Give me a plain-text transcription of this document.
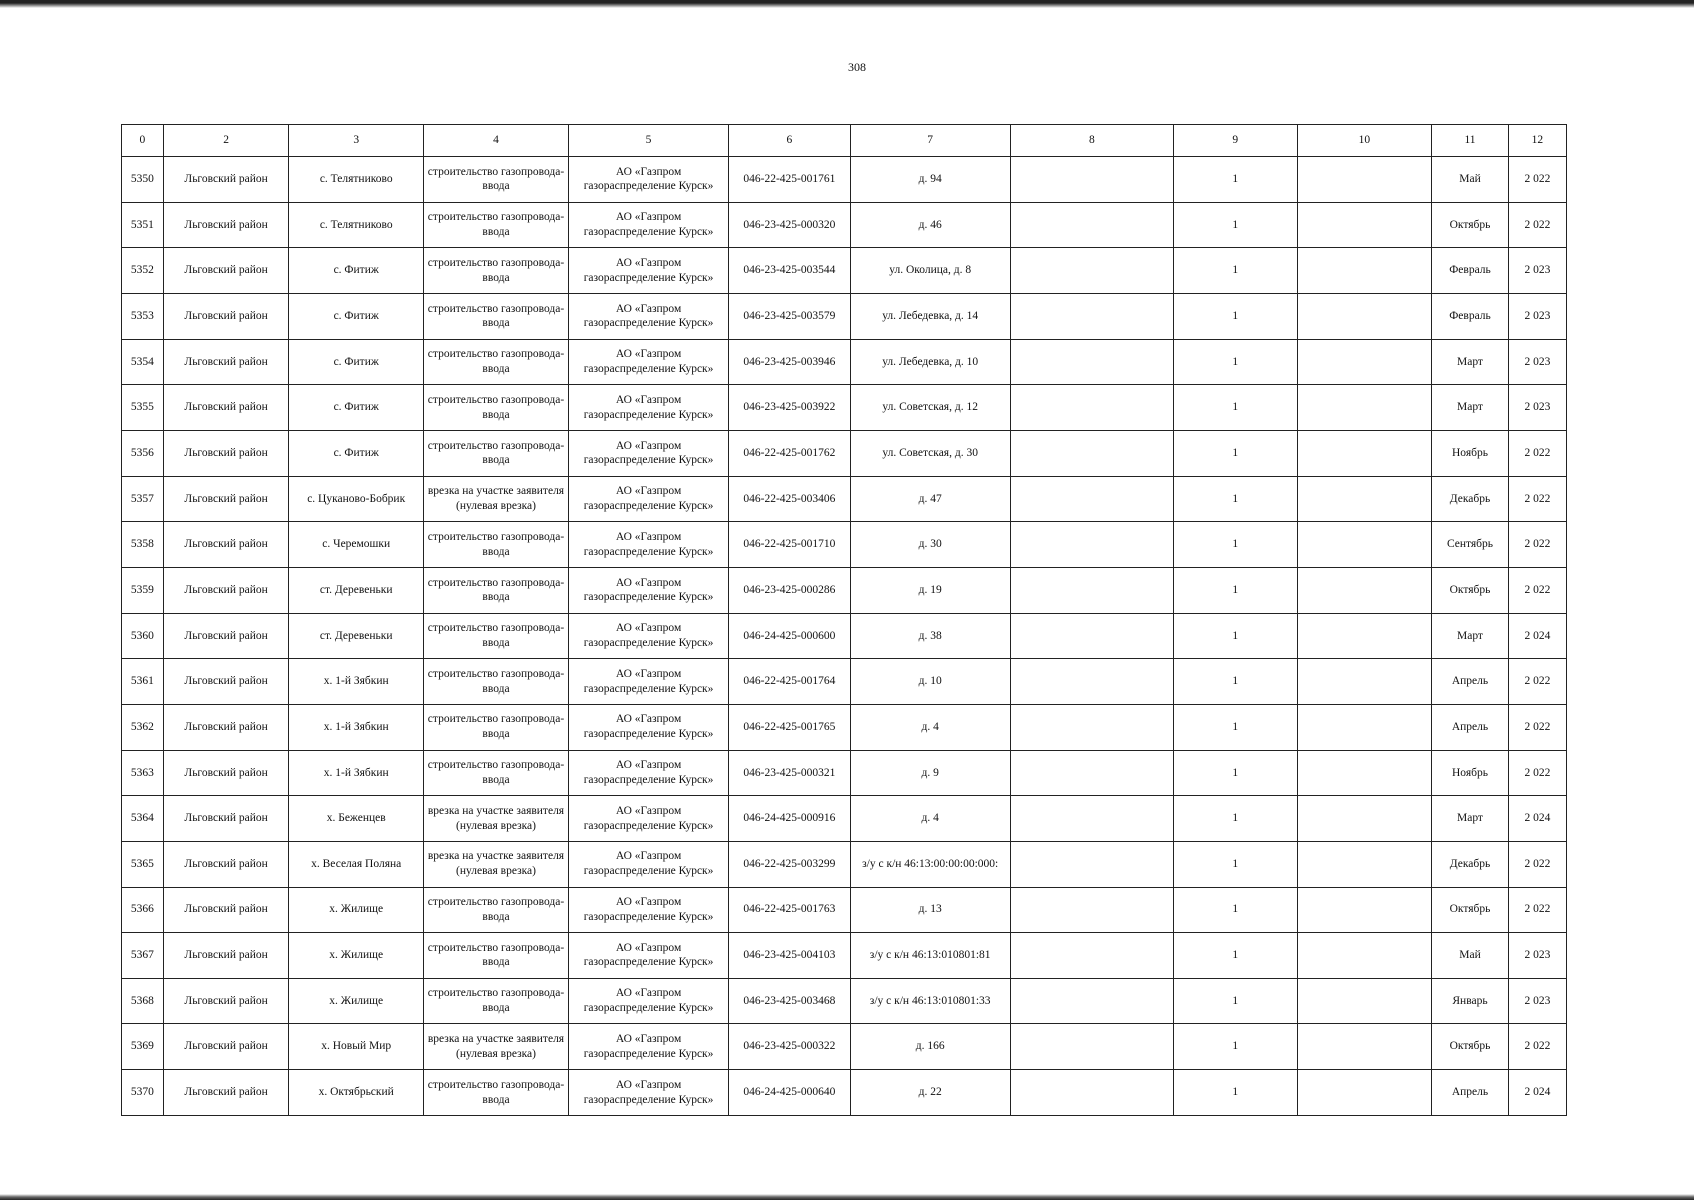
308
0	2	3	4	5	6	7	8	9	10	11	12
5350	Льговский район	с. Телятниково	строительство газопровода-ввода	АО «Газпром газораспределение Курск»	046-22-425-001761	д. 94		1		Май	2 022
5351	Льговский район	с. Телятниково	строительство газопровода-ввода	АО «Газпром газораспределение Курск»	046-23-425-000320	д. 46		1		Октябрь	2 022
5352	Льговский район	с. Фитиж	строительство газопровода-ввода	АО «Газпром газораспределение Курск»	046-23-425-003544	ул. Околица, д. 8		1		Февраль	2 023
5353	Льговский район	с. Фитиж	строительство газопровода-ввода	АО «Газпром газораспределение Курск»	046-23-425-003579	ул. Лебедевка, д. 14		1		Февраль	2 023
5354	Льговский район	с. Фитиж	строительство газопровода-ввода	АО «Газпром газораспределение Курск»	046-23-425-003946	ул. Лебедевка, д. 10		1		Март	2 023
5355	Льговский район	с. Фитиж	строительство газопровода-ввода	АО «Газпром газораспределение Курск»	046-23-425-003922	ул. Советская, д. 12		1		Март	2 023
5356	Льговский район	с. Фитиж	строительство газопровода-ввода	АО «Газпром газораспределение Курск»	046-22-425-001762	ул. Советская, д. 30		1		Ноябрь	2 022
5357	Льговский район	с. Цуканово-Бобрик	врезка на участке заявителя (нулевая врезка)	АО «Газпром газораспределение Курск»	046-22-425-003406	д. 47		1		Декабрь	2 022
5358	Льговский район	с. Черемошки	строительство газопровода-ввода	АО «Газпром газораспределение Курск»	046-22-425-001710	д. 30		1		Сентябрь	2 022
5359	Льговский район	ст. Деревеньки	строительство газопровода-ввода	АО «Газпром газораспределение Курск»	046-23-425-000286	д. 19		1		Октябрь	2 022
5360	Льговский район	ст. Деревеньки	строительство газопровода-ввода	АО «Газпром газораспределение Курск»	046-24-425-000600	д. 38		1		Март	2 024
5361	Льговский район	х. 1-й Зябкин	строительство газопровода-ввода	АО «Газпром газораспределение Курск»	046-22-425-001764	д. 10		1		Апрель	2 022
5362	Льговский район	х. 1-й Зябкин	строительство газопровода-ввода	АО «Газпром газораспределение Курск»	046-22-425-001765	д. 4		1		Апрель	2 022
5363	Льговский район	х. 1-й Зябкин	строительство газопровода-ввода	АО «Газпром газораспределение Курск»	046-23-425-000321	д. 9		1		Ноябрь	2 022
5364	Льговский район	х. Беженцев	врезка на участке заявителя (нулевая врезка)	АО «Газпром газораспределение Курск»	046-24-425-000916	д. 4		1		Март	2 024
5365	Льговский район	х. Веселая Поляна	врезка на участке заявителя (нулевая врезка)	АО «Газпром газораспределение Курск»	046-22-425-003299	з/у с к/н 46:13:00:00:00:000:		1		Декабрь	2 022
5366	Льговский район	х. Жилище	строительство газопровода-ввода	АО «Газпром газораспределение Курск»	046-22-425-001763	д. 13		1		Октябрь	2 022
5367	Льговский район	х. Жилище	строительство газопровода-ввода	АО «Газпром газораспределение Курск»	046-23-425-004103	з/у с к/н 46:13:010801:81		1		Май	2 023
5368	Льговский район	х. Жилище	строительство газопровода-ввода	АО «Газпром газораспределение Курск»	046-23-425-003468	з/у с к/н 46:13:010801:33		1		Январь	2 023
5369	Льговский район	х. Новый Мир	врезка на участке заявителя (нулевая врезка)	АО «Газпром газораспределение Курск»	046-23-425-000322	д. 166		1		Октябрь	2 022
5370	Льговский район	х. Октябрьский	строительство газопровода-ввода	АО «Газпром газораспределение Курск»	046-24-425-000640	д. 22		1		Апрель	2 024
